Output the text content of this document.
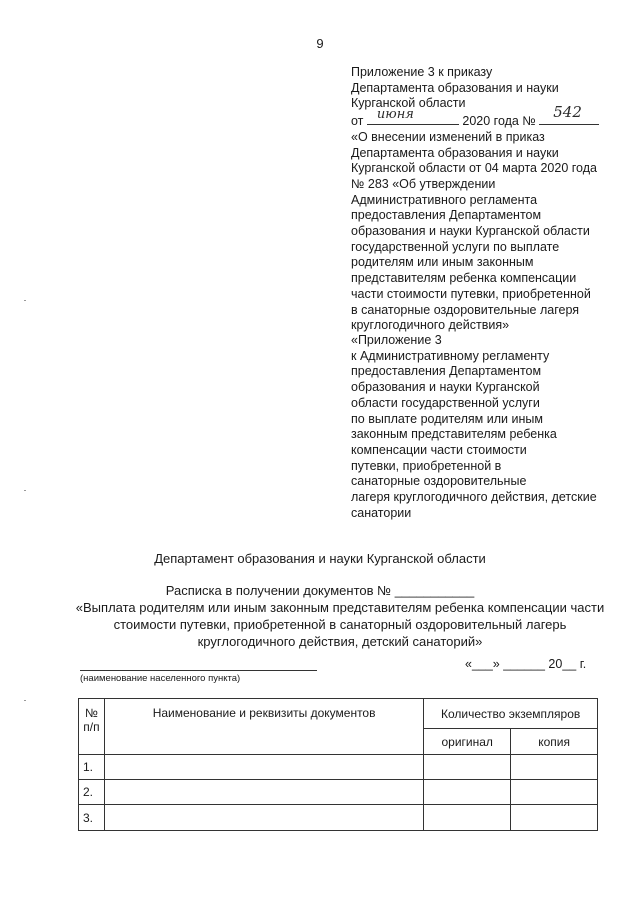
9
Приложение 3 к приказу
Департамента образования и науки
Курганской области
от июня	2020 года № 542
«О внесении изменений в приказ
Департамента образования и науки
Курганской области от 04 марта 2020 года
№ 283 «Об утверждении
Административного регламента
предоставления Департаментом
образования и науки Курганской области
государственной услуги по выплате
родителям или иным законным
представителям ребенка компенсации
части стоимости путевки, приобретенной
в санаторные оздоровительные лагеря
круглогодичного действия»
«Приложение 3
к Административному регламенту
предоставления Департаментом
образования и науки Курганской
области государственной услуги
по выплате родителям или иным
законным представителям ребенка
компенсации части стоимости
путевки, приобретенной в
санаторные оздоровительные
лагеря круглогодичного действия, детские
санатории
Департамент образования и науки Курганской области
Расписка в получении документов № ___________
«Выплата родителям или иным законным представителям ребенка компенсации части
стоимости путевки, приобретенной в санаторный оздоровительный лагерь
круглогодичного действия, детский санаторий»
(наименование населенного пункта)
«___» ______ 20__ г.
№ п/п	Наименование и реквизиты документов	Количество экземпляров	
		оригинал	копия
1.			
2.			
3.			
